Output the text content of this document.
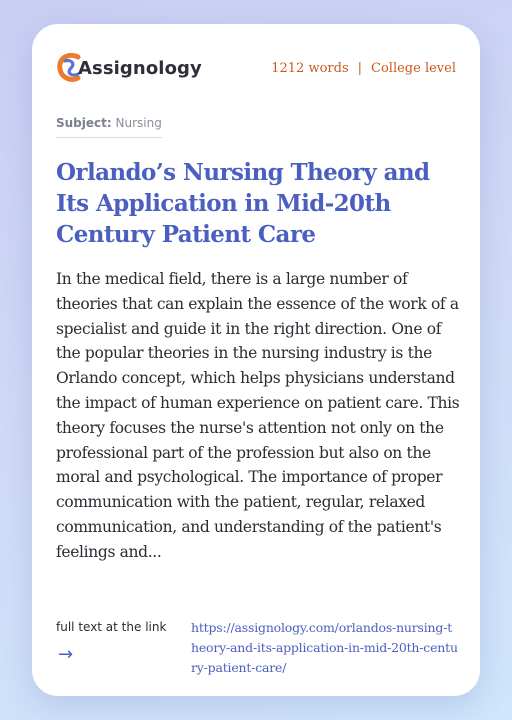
Assignology	1212 words | College level
Subject: Nursing
Orlando’s Nursing Theory and Its Application in Mid-20th Century Patient Care

In the medical field, there is a large number of theories that can explain the essence of the work of a specialist and guide it in the right direction. One of the popular theories in the nursing industry is the Orlando concept, which helps physicians understand the impact of human experience on patient care. This theory focuses the nurse's attention not only on the professional part of the profession but also on the moral and psychological. The importance of proper communication with the patient, regular, relaxed communication, and understanding of the patient's feelings and...

full text at the link
→
https://assignology.com/orlandos-nursing-theory-and-its-application-in-mid-20th-century-patient-care/
